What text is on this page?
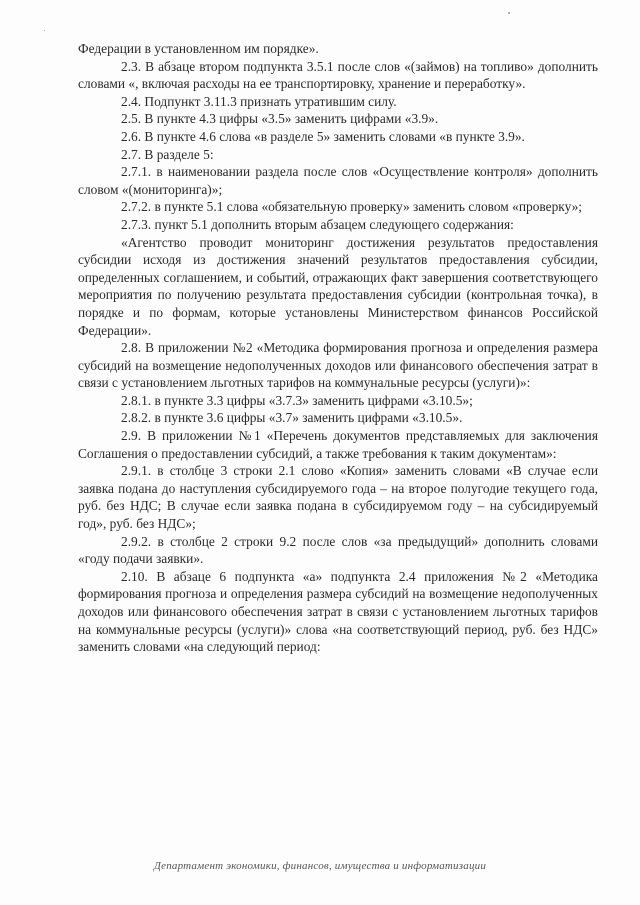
Федерации в установленном им порядке».

2.3. В абзаце втором подпункта 3.5.1 после слов «(займов) на топливо» дополнить словами «, включая расходы на ее транспортировку, хранение и переработку».

2.4. Подпункт 3.11.3 признать утратившим силу.

2.5. В пункте 4.3 цифры «3.5» заменить цифрами «3.9».

2.6. В пункте 4.6 слова «в разделе 5» заменить словами «в пункте 3.9».

2.7. В разделе 5:

2.7.1. в наименовании раздела после слов «Осуществление контроля» дополнить словом «(мониторинга)»;

2.7.2. в пункте 5.1 слова «обязательную проверку» заменить словом «проверку»;

2.7.3. пункт 5.1 дополнить вторым абзацем следующего содержания:

«Агентство проводит мониторинг достижения результатов предоставления субсидии исходя из достижения значений результатов предоставления субсидии, определенных соглашением, и событий, отражающих факт завершения соответствующего мероприятия по получению результата предоставления субсидии (контрольная точка), в порядке и по формам, которые установлены Министерством финансов Российской Федерации».

2.8. В приложении №2 «Методика формирования прогноза и определения размера субсидий на возмещение недополученных доходов или финансового обеспечения затрат в связи с установлением льготных тарифов на коммунальные ресурсы (услуги)»:

2.8.1. в пункте 3.3 цифры «3.7.3» заменить цифрами «3.10.5»;

2.8.2. в пункте 3.6 цифры «3.7» заменить цифрами «3.10.5».

2.9. В приложении №1 «Перечень документов представляемых для заключения Соглашения о предоставлении субсидий, а также требования к таким документам»:

2.9.1. в столбце 3 строки 2.1 слово «Копия» заменить словами «В случае если заявка подана до наступления субсидируемого года – на второе полугодие текущего года, руб. без НДС; В случае если заявка подана в субсидируемом году – на субсидируемый год», руб. без НДС»;

2.9.2. в столбце 2 строки 9.2 после слов «за предыдущий» дополнить словами «году подачи заявки».

2.10. В абзаце 6 подпункта «а» подпункта 2.4 приложения №2 «Методика формирования прогноза и определения размера субсидий на возмещение недополученных доходов или финансового обеспечения затрат в связи с установлением льготных тарифов на коммунальные ресурсы (услуги)» слова «на соответствующий период, руб. без НДС» заменить словами «на следующий период:

Департамент экономики, финансов, имущества и информатизации
